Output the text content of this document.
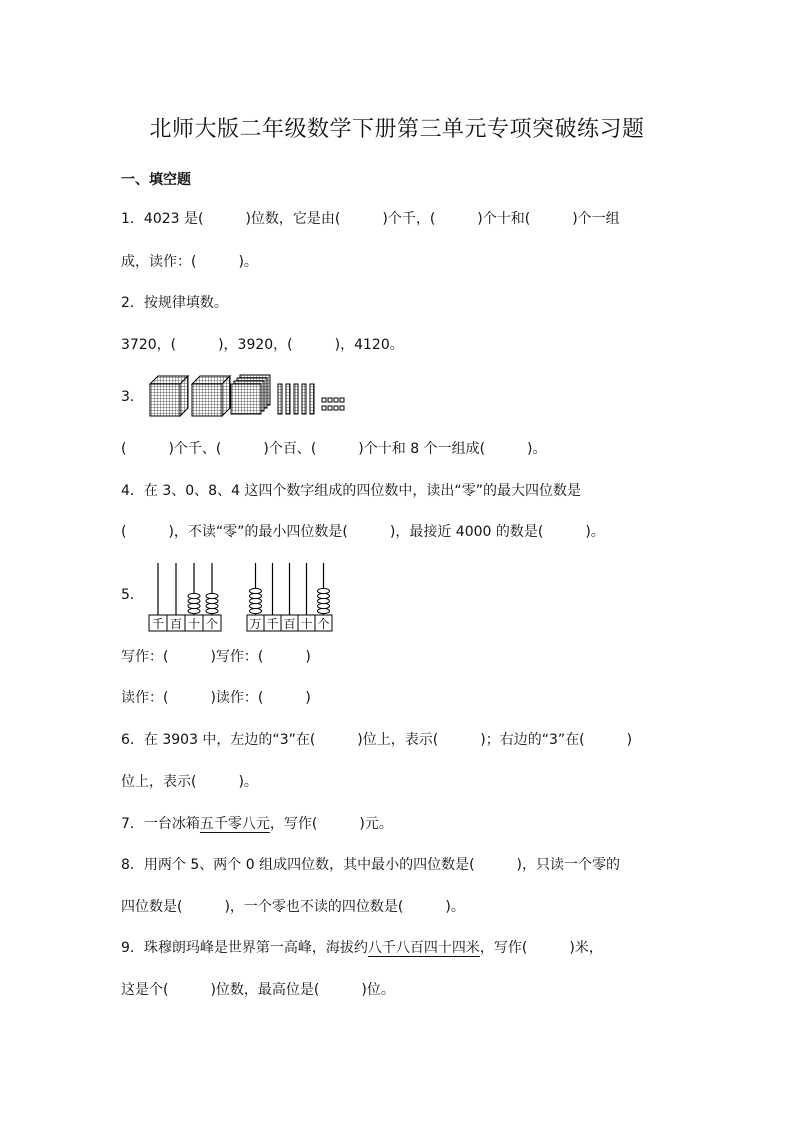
北师大版二年级数学下册第三单元专项突破练习题
一、填空题
1．4023 是(　　　)位数，它是由(　　　)个千，(　　　)个十和(　　　)个一组
成，读作：(　　　)。
2．按规律填数。
3720，(　　　)，3920，(　　　)，4120。
3．
(　　　)个千、(　　　)个百、(　　　)个十和 8 个一组成(　　　)。
4．在 3、0、8、4 这四个数字组成的四位数中，读出“零”的最大四位数是
(　　　)，不读“零”的最小四位数是(　　　)，最接近 4000 的数是(　　　)。
5．
千 百 十 个	万 千 百 十 个
写作：(　　　)写作：(　　　)
读作：(　　　)读作：(　　　)
6．在 3903 中，左边的“3”在(　　　)位上，表示(　　　)；右边的“3”在(　　　)
位上，表示(　　　)。
7．一台冰箱五千零八元，写作(　　　)元。
8．用两个 5、两个 0 组成四位数，其中最小的四位数是(　　　)，只读一个零的
四位数是(　　　)，一个零也不读的四位数是(　　　)。
9．珠穆朗玛峰是世界第一高峰，海拔约八千八百四十四米，写作(　　　)米，
这是个(　　　)位数，最高位是(　　　)位。
